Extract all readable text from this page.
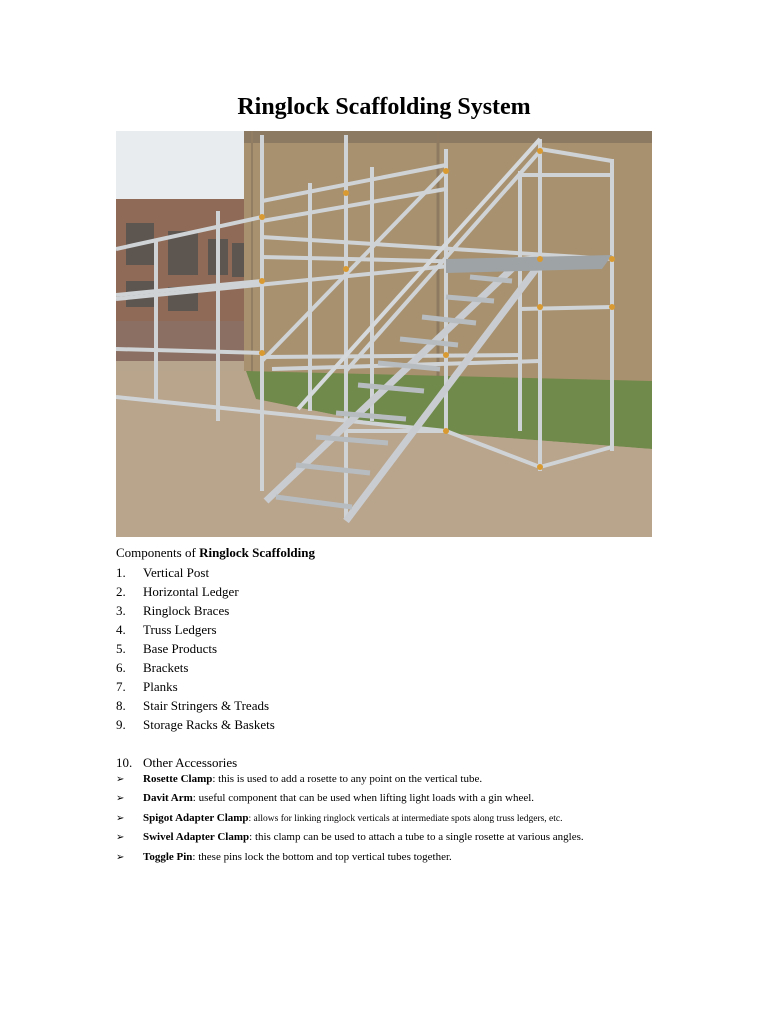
Ringlock Scaffolding System
Components of Ringlock Scaffolding
1. Vertical Post
2. Horizontal Ledger
3. Ringlock Braces
4. Truss Ledgers
5. Base Products
6. Brackets
7. Planks
8. Stair Stringers & Treads
9. Storage Racks & Baskets
10. Other Accessories
➢ Rosette Clamp: this is used to add a rosette to any point on the vertical tube.
➢ Davit Arm: useful component that can be used when lifting light loads with a gin wheel.
➢ Spigot Adapter Clamp: allows for linking ringlock verticals at intermediate spots along truss ledgers, etc.
➢ Swivel Adapter Clamp: this clamp can be used to attach a tube to a single rosette at various angles.
➢ Toggle Pin: these pins lock the bottom and top vertical tubes together.
